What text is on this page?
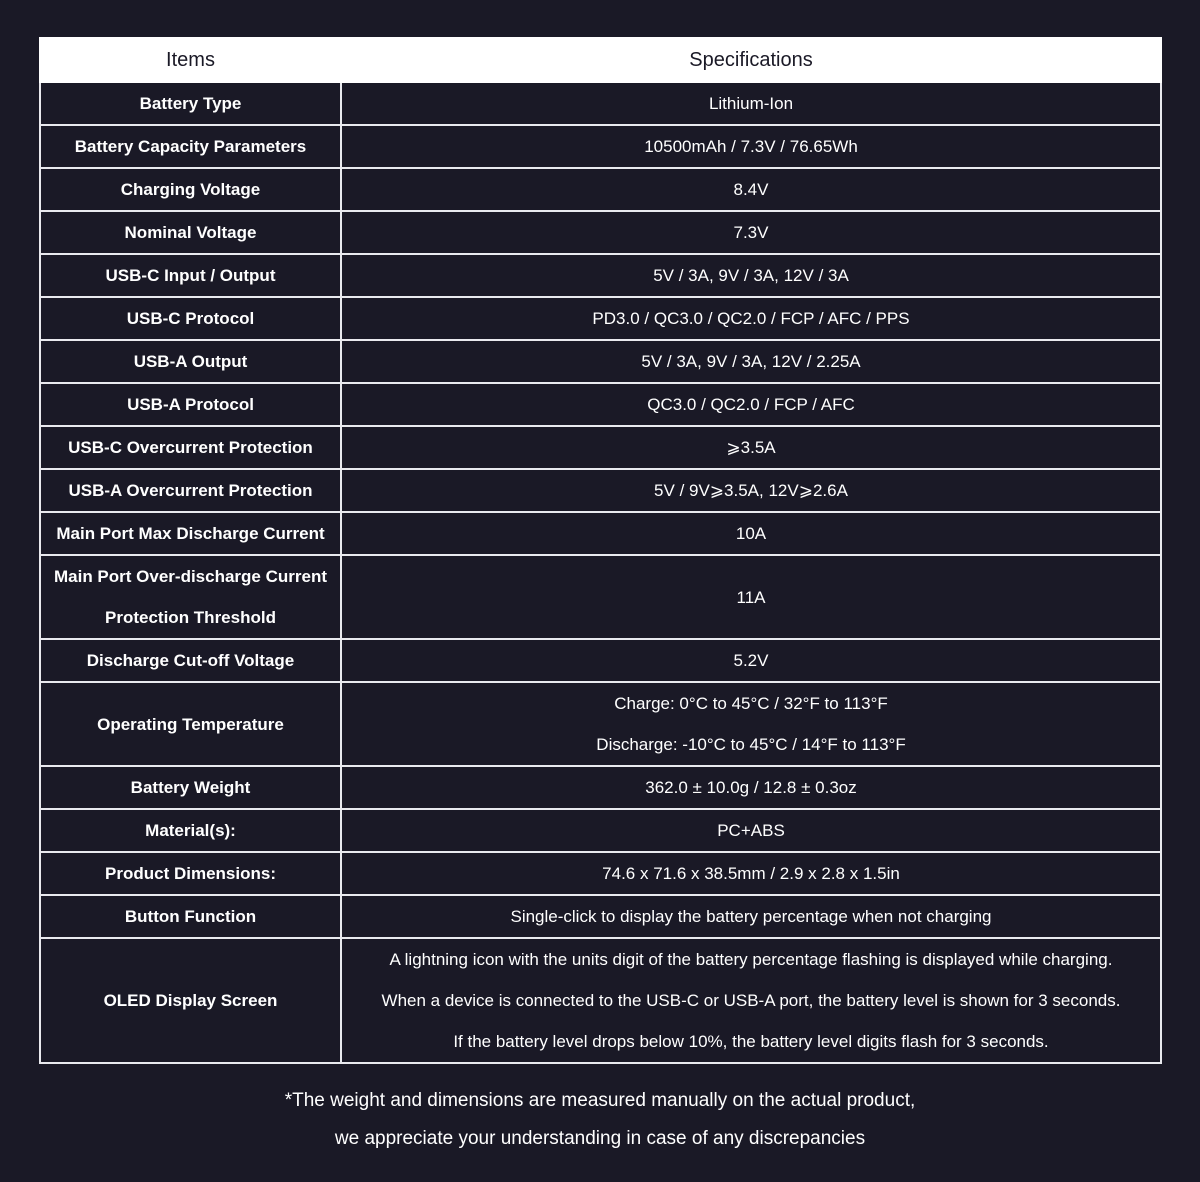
Items	Specifications

Battery Type	Lithium-Ion

Battery Capacity Parameters	10500mAh / 7.3V / 76.65Wh

Charging Voltage	8.4V

Nominal Voltage	7.3V

USB-C Input / Output	5V / 3A, 9V / 3A, 12V / 3A

USB-C Protocol	PD3.0 / QC3.0 / QC2.0 / FCP / AFC / PPS

USB-A Output	5V / 3A, 9V / 3A, 12V / 2.25A

USB-A Protocol	QC3.0 / QC2.0 / FCP / AFC

USB-C Overcurrent Protection	⩾3.5A

USB-A Overcurrent Protection	5V / 9V⩾3.5A, 12V⩾2.6A

Main Port Max Discharge Current	10A

Main Port Over-discharge Current
Protection Threshold	11A

Discharge Cut-off Voltage	5.2V

Operating Temperature	Charge: 0°C to 45°C / 32°F to 113°F
Discharge: -10°C to 45°C / 14°F to 113°F

Battery Weight	362.0 ± 10.0g / 12.8 ± 0.3oz

Material(s):	PC+ABS

Product Dimensions:	74.6 x 71.6 x 38.5mm / 2.9 x 2.8 x 1.5in

Button Function	Single-click to display the battery percentage when not charging

OLED Display Screen	A lightning icon with the units digit of the battery percentage flashing is displayed while charging.
When a device is connected to the USB-C or USB-A port, the battery level is shown for 3 seconds.
If the battery level drops below 10%, the battery level digits flash for 3 seconds.
*The weight and dimensions are measured manually on the actual product,
we appreciate your understanding in case of any discrepancies
